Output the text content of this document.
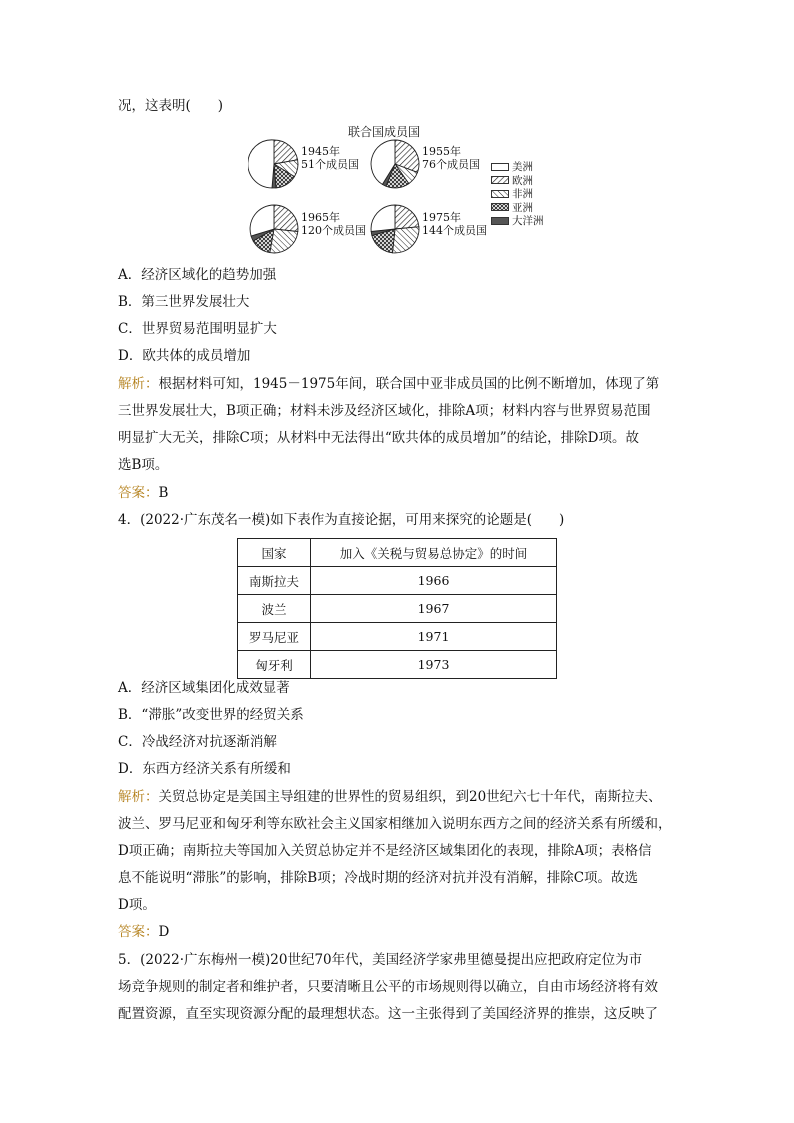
况，这表明(　　)
联合国成员国
1945年
51个成员国
1955年
76个成员国
1965年
120个成员国
1975年
144个成员国
美洲
欧洲
非洲
亚洲
大洋洲
A．经济区域化的趋势加强
B．第三世界发展壮大
C．世界贸易范围明显扩大
D．欧共体的成员增加
解析：根据材料可知，1945－1975年间，联合国中亚非成员国的比例不断增加，体现了第
三世界发展壮大，B项正确；材料未涉及经济区域化，排除A项；材料内容与世界贸易范围
明显扩大无关，排除C项；从材料中无法得出“欧共体的成员增加”的结论，排除D项。故
选B项。
答案：B
4．(2022·广东茂名一模)如下表作为直接论据，可用来探究的论题是(　　)
国家	加入《关税与贸易总协定》的时间
南斯拉夫	1966
波兰	1967
罗马尼亚	1971
匈牙利	1973
A．经济区域集团化成效显著
B．“滞胀”改变世界的经贸关系
C．冷战经济对抗逐渐消解
D．东西方经济关系有所缓和
解析：关贸总协定是美国主导组建的世界性的贸易组织，到20世纪六七十年代，南斯拉夫、
波兰、罗马尼亚和匈牙利等东欧社会主义国家相继加入说明东西方之间的经济关系有所缓和，
D项正确；南斯拉夫等国加入关贸总协定并不是经济区域集团化的表现，排除A项；表格信
息不能说明“滞胀”的影响，排除B项；冷战时期的经济对抗并没有消解，排除C项。故选
D项。
答案：D
5．(2022·广东梅州一模)20世纪70年代，美国经济学家弗里德曼提出应把政府定位为市
场竞争规则的制定者和维护者，只要清晰且公平的市场规则得以确立，自由市场经济将有效
配置资源，直至实现资源分配的最理想状态。这一主张得到了美国经济界的推崇，这反映了
